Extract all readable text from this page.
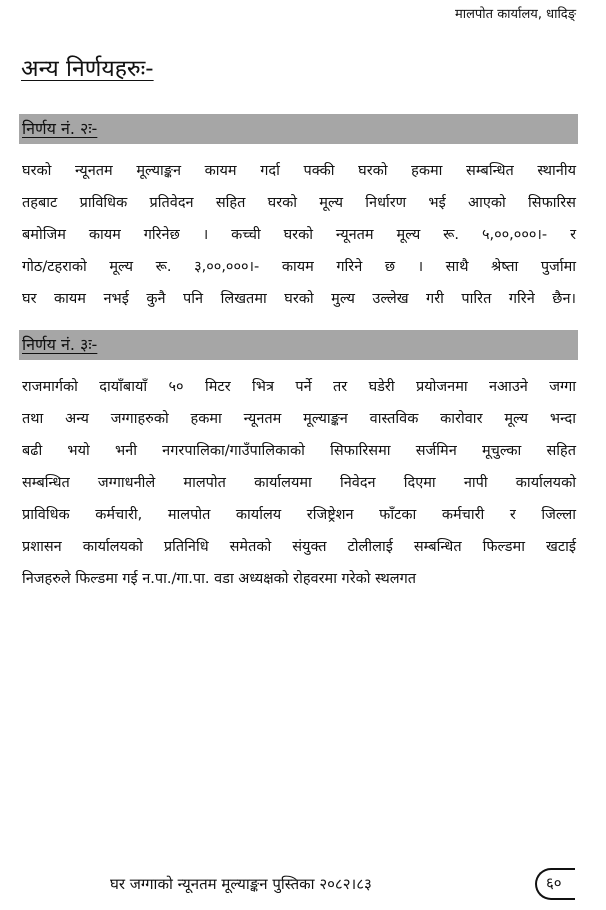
मालपोत कार्यालय, धादिङ्
अन्य निर्णयहरुः-
निर्णय नं. २ः-
घरको न्यूनतम मूल्याङ्कन कायम गर्दा पक्की घरको हकमा सम्बन्धित स्थानीय
तहबाट प्राविधिक प्रतिवेदन सहित घरको मूल्य निर्धारण भई आएको सिफारिस
बमोजिम कायम गरिनेछ । कच्ची घरको न्यूनतम मूल्य रू. ५,००,०००।- र
गोठ/टहराको मूल्य रू. ३,००,०००।- कायम गरिने छ । साथै श्रेष्ता पुर्जामा
घर कायम नभई कुनै पनि लिखतमा घरको मुल्य उल्लेख गरी पारित गरिने छैन।
निर्णय नं. ३ः-
राजमार्गको दायाँबायाँ ५० मिटर भित्र पर्ने तर घडेरी प्रयोजनमा नआउने जग्गा
तथा अन्य जग्गाहरुको हकमा न्यूनतम मूल्याङ्कन वास्तविक कारोवार मूल्य भन्दा
बढी भयो भनी नगरपालिका/गाउँपालिकाको सिफारिसमा सर्जमिन मूचुल्का सहित
सम्बन्धित जग्गाधनीले मालपोत कार्यालयमा निवेदन दिएमा नापी कार्यालयको
प्राविधिक कर्मचारी, मालपोत कार्यालय रजिष्ट्रेशन फाँटका कर्मचारी र जिल्ला
प्रशासन कार्यालयको प्रतिनिधि समेतको संयुक्त टोलीलाई सम्बन्धित फिल्डमा खटाई
निजहरुले फिल्डमा गई न.पा./गा.पा. वडा अध्यक्षको रोहवरमा गरेको स्थलगत
घर जग्गाको न्यूनतम मूल्याङ्कन पुस्तिका २०८२।८३	६०
